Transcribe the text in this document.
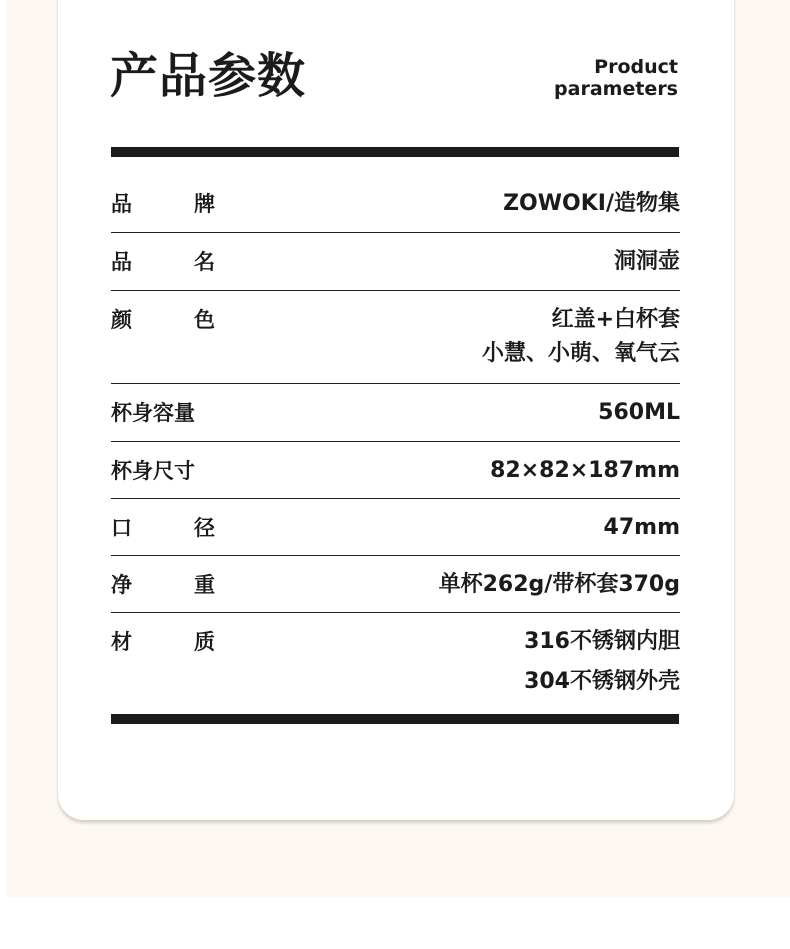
产品参数	Product
parameters
品	牌	ZOWOKI/造物集
品	名	洞洞壶
颜	色	红盖+白杯套
小慧、小萌、氧气云
杯身容量	560ML
杯身尺寸	82×82×187mm
口	径	47mm
净	重	单杯262g/带杯套370g
材	质	316不锈钢内胆
304不锈钢外壳
